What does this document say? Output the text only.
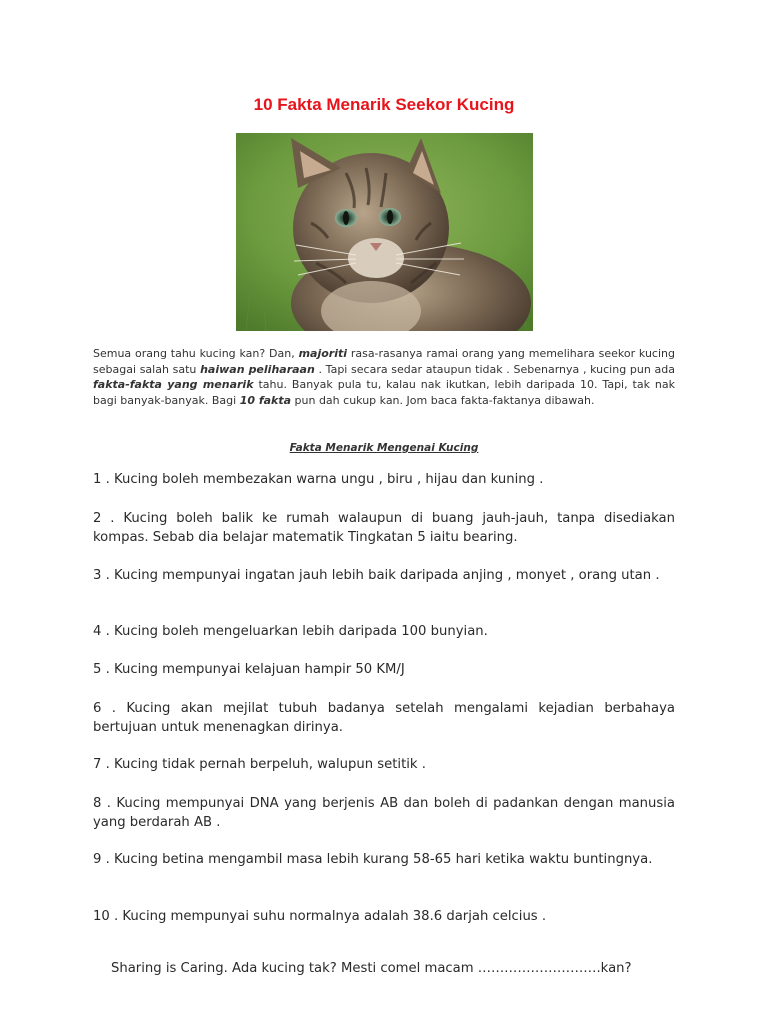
10 Fakta Menarik Seekor Kucing
Semua orang tahu kucing kan? Dan, majoriti rasa-rasanya ramai orang yang memelihara seekor kucing sebagai salah satu haiwan peliharaan . Tapi secara sedar ataupun tidak . Sebenarnya , kucing pun ada fakta-fakta yang menarik tahu. Banyak pula tu, kalau nak ikutkan, lebih daripada 10. Tapi, tak nak bagi banyak-banyak. Bagi 10 fakta pun dah cukup kan. Jom baca fakta-faktanya dibawah.
Fakta Menarik Mengenai Kucing
1 . Kucing boleh membezakan warna ungu , biru , hijau dan kuning .
2 . Kucing boleh balik ke rumah walaupun di buang jauh-jauh, tanpa disediakan kompas. Sebab dia belajar matematik Tingkatan 5 iaitu bearing.
3 . Kucing mempunyai ingatan jauh lebih baik daripada anjing , monyet , orang utan .
4 . Kucing boleh mengeluarkan lebih daripada 100 bunyian.
5 . Kucing mempunyai kelajuan hampir 50 KM/J
6 . Kucing akan mejilat tubuh badanya setelah mengalami kejadian berbahaya bertujuan untuk menenagkan dirinya.
7 . Kucing tidak pernah berpeluh, walupun setitik .
8 . Kucing mempunyai DNA yang berjenis AB dan boleh di padankan dengan manusia yang berdarah AB .
9 . Kucing betina mengambil masa lebih kurang 58-65 hari ketika waktu buntingnya.
10 . Kucing mempunyai suhu normalnya adalah 38.6 darjah celcius .
Sharing is Caring. Ada kucing tak? Mesti comel macam ……………………….kan?
